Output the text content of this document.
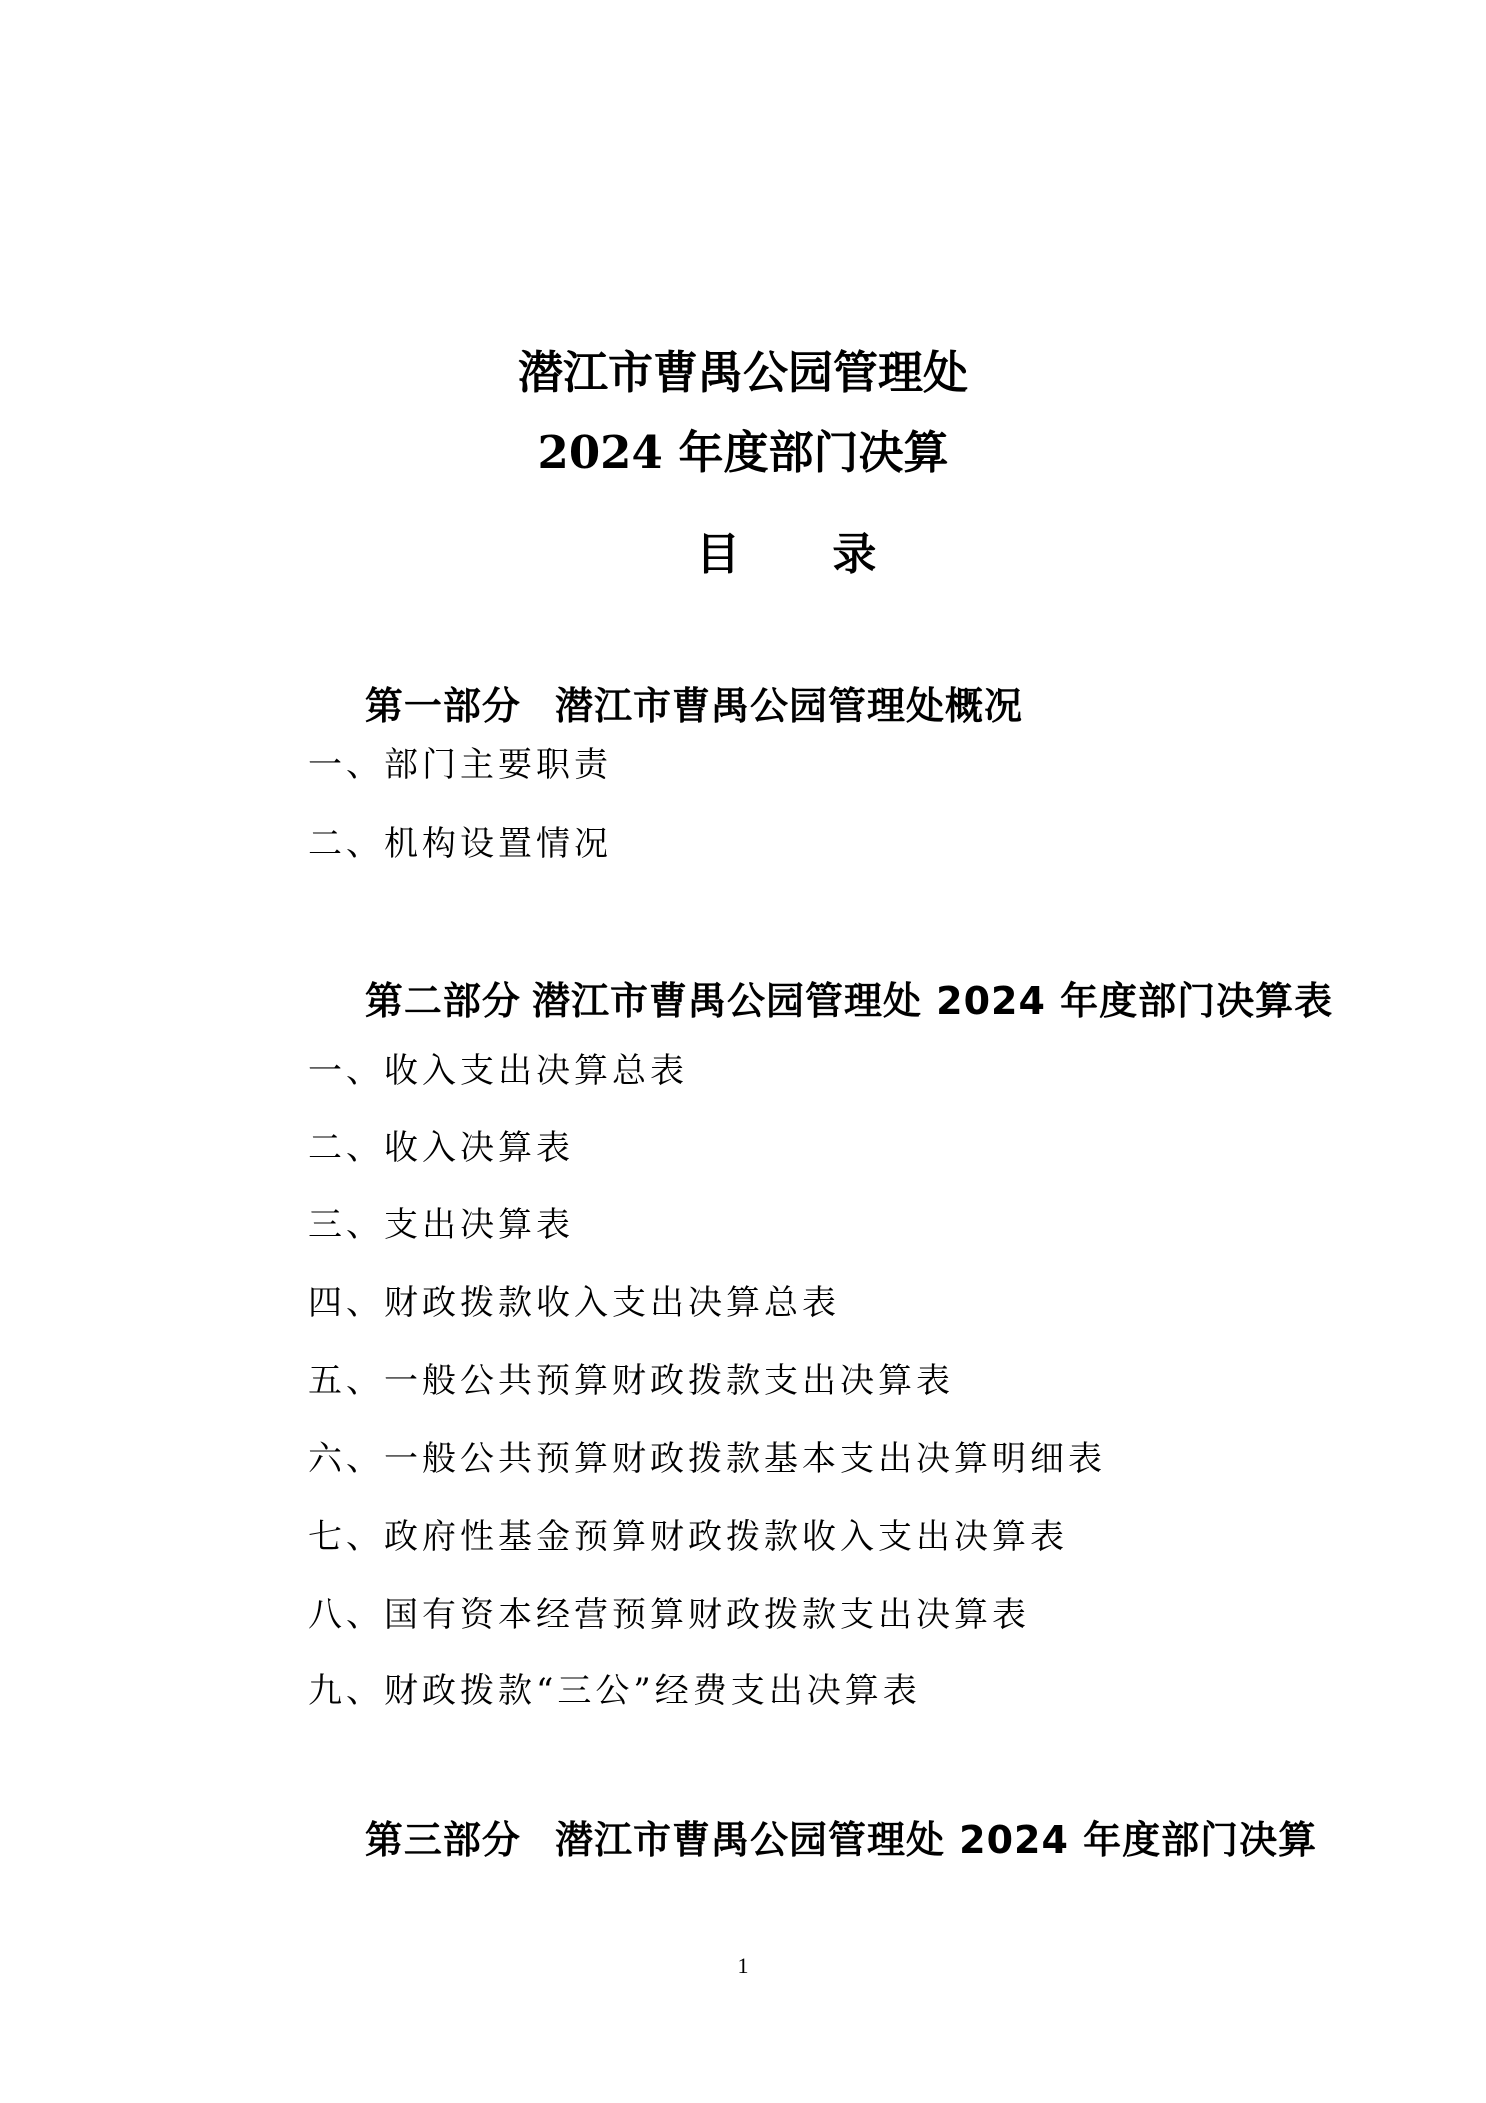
潜江市曹禺公园管理处
2024 年度部门决算
目 录

第一部分 潜江市曹禺公园管理处概况

一、部门主要职责
二、机构设置情况

第二部分 潜江市曹禺公园管理处 2024 年度部门决算表

一、收入支出决算总表
二、收入决算表
三、支出决算表
四、财政拨款收入支出决算总表
五、一般公共预算财政拨款支出决算表
六、一般公共预算财政拨款基本支出决算明细表
七、政府性基金预算财政拨款收入支出决算表
八、国有资本经营预算财政拨款支出决算表
九、财政拨款“三公”经费支出决算表

第三部分 潜江市曹禺公园管理处 2024 年度部门决算

1
